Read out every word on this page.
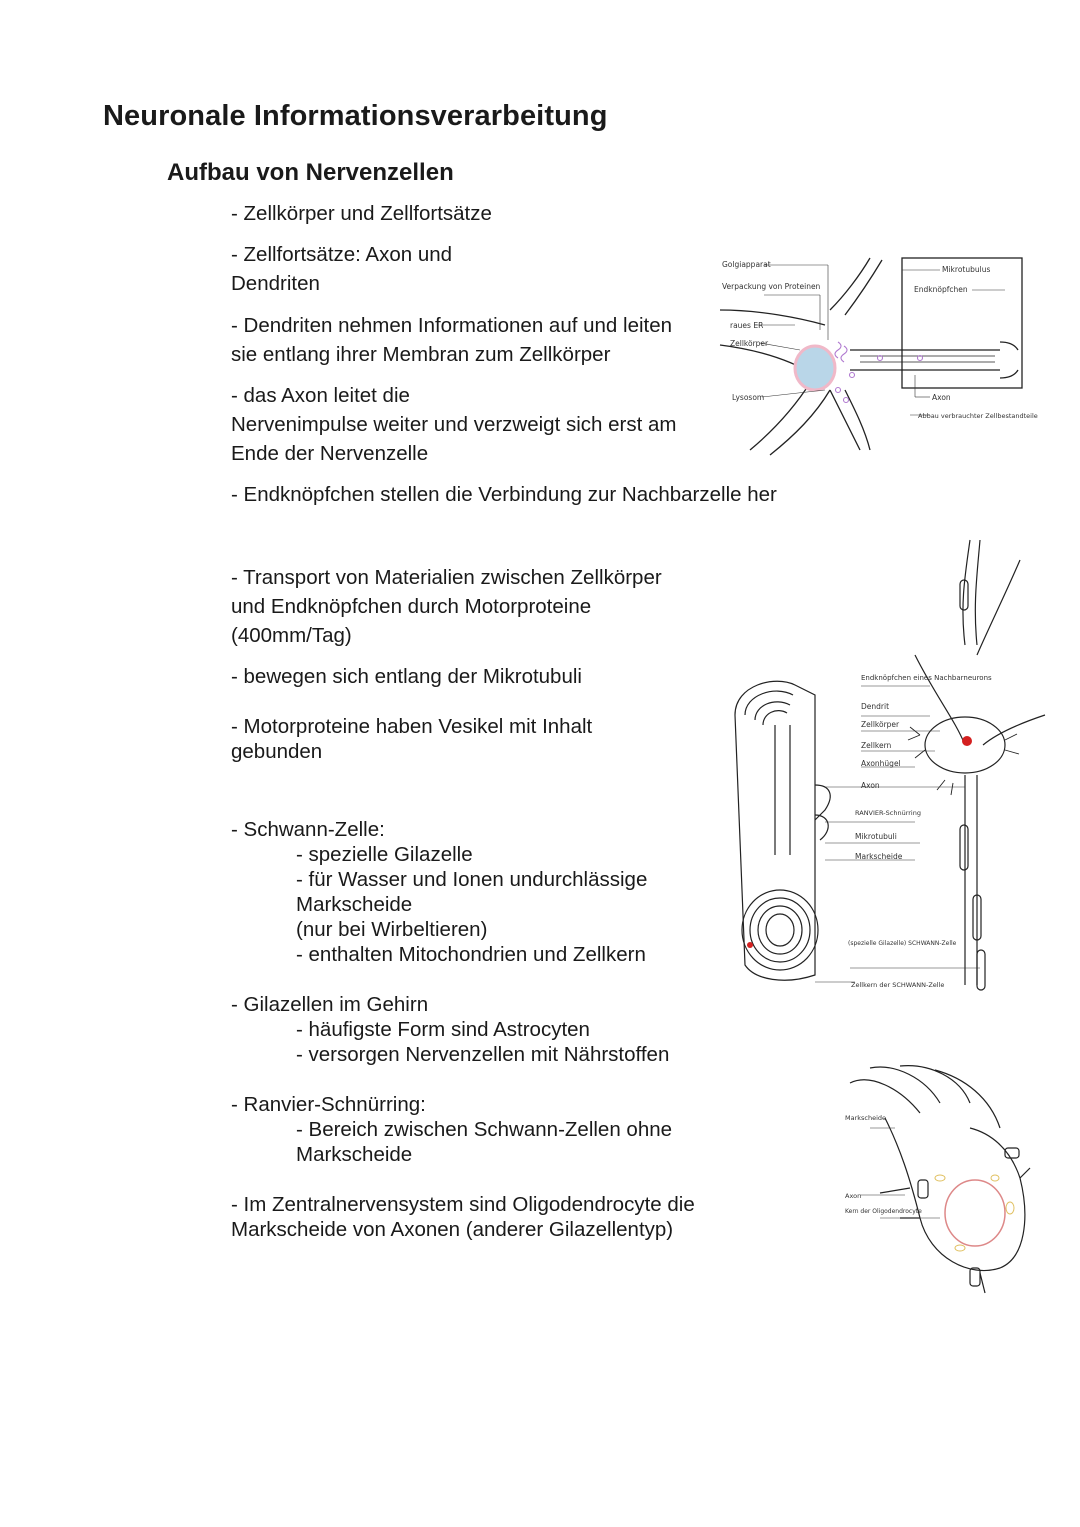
Neuronale Informationsverarbeitung
Aufbau von Nervenzellen

- Zellkörper und Zellfortsätze

- Zellfortsätze: Axon und

Dendriten

- Dendriten nehmen Informationen auf und leiten

sie entlang ihrer Membran zum Zellkörper

- das Axon leitet die

Nervenimpulse weiter und verzweigt sich erst am

Ende der Nervenzelle

- Endknöpfchen stellen die Verbindung zur Nachbarzelle her

- Transport von Materialien zwischen Zellkörper

und Endknöpfchen durch Motorproteine

(400mm/Tag)

- bewegen sich entlang der Mikrotubuli

- Motorproteine haben Vesikel mit Inhalt

gebunden

- Schwann-Zelle:

- spezielle Gilazelle

- für Wasser und Ionen undurchlässige

Markscheide

(nur bei Wirbeltieren)

- enthalten Mitochondrien und Zellkern

- Gilazellen im Gehirn

- häufigste Form sind Astrocyten

- versorgen Nervenzellen mit Nährstoffen

- Ranvier-Schnürring:

- Bereich zwischen Schwann-Zellen ohne

Markscheide

- Im Zentralnervensystem sind Oligodendrocyte die

Markscheide von Axonen (anderer Gilazellentyp)

Golgiapparat
Verpackung von Proteinen
raues ER
Zellkörper
Lysosom
Mikrotubulus
Endknöpfchen
Axon
Abbau verbrauchter Zellbestandteile
Endknöpfchen eines Nachbarneurons
Dendrit
Zellkörper
Zellkern
Axonhügel
Axon
RANVIER-Schnürring
Mikrotubuli
Markscheide
(spezielle Gilazelle) SCHWANN-Zelle
Zellkern der SCHWANN-Zelle
Markscheide
Axon
Kern der Oligodendrocyte
